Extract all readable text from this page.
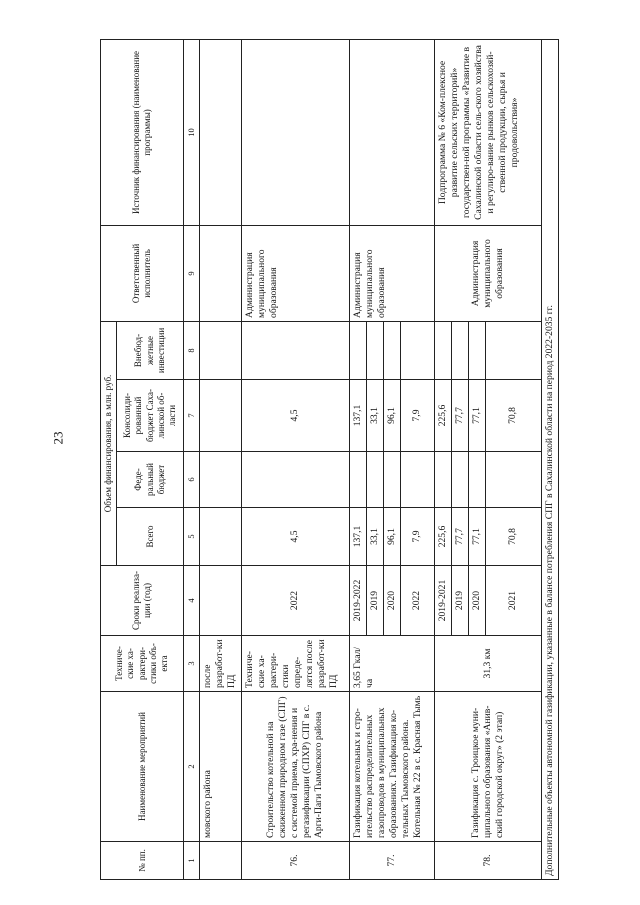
23
№ пп.	Наименование мероприятий	Техниче-ские ха-рактери-стики объ-екта	Сроки реализа-ции (год)	Объем финансирования, в млн. руб.				Ответственный исполнитель	Источник финансирования (наименование программы)
				Всего	Феде-ральный бюджет	Консолиди-рованный бюджет Саха-линской об-ласти	Внебюд-жетные инвестиции		
1	2	3	4	5	6	7	8	9	10
	мовского района	после разработ-ки ПД							
76.	Строительство котельной на сжиженном природном газе (СПГ) с системой приема, хра-нения и регазификации (СПХР) СПГ в с. Арги-Паги Тымовского района	Техниче-ские ха-рактери-стики опреде-лятся после разработ-ки ПД	2022	4,5		4,5		Администрация муниципального образования	
77.	Газификация котельных и стро-ительство распределительных газопроводов в муниципальных образованиях. Газификация ко-тельных Тымовского района. Котельная № 22 в с. Красная Тымь	3,65 Гкал/ча	2019-2022	137,1		137,1		Администрация муниципального образования	
			2019	33,1		33,1			
			2020	96,1		96,1			
			2022	7,9		7,9			
78.	Газификация с. Троицкое муни-ципального образования «Анив-ский городской округ» (2 этап)	31,3 км	2019-2021	225,6		225,6		Администрация муниципального образования	Подпрограмма № 6 «Ком-плексное развитие сельских территорий» государствен-ной программы «Развитие в Сахалинской области сель-ского хозяйства и регулиро-вание рынков сельскохозяй-ственной продукции, сырья и продовольствия»
			2019	77,7		77,7			
			2020	77,1		77,1			
			2021	70,8		70,8			
Дополнительные объекты автономной газификации, указанные в балансе потребления СПГ в Сахалинской области на период 2022-2035 гг.									
